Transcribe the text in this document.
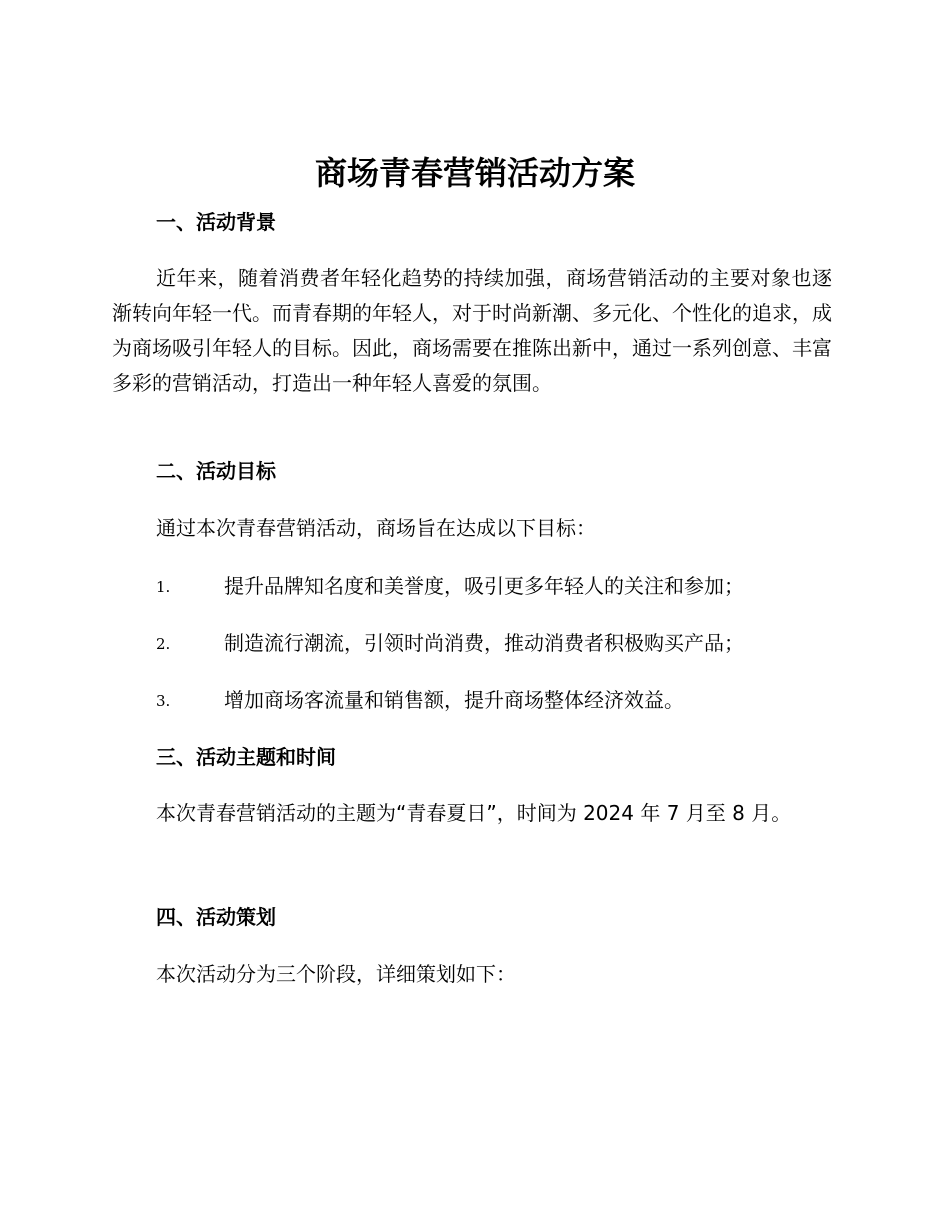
商场青春营销活动方案
一、活动背景

近年来，随着消费者年轻化趋势的持续加强，商场营销活动的主要对象也逐渐转向年轻一代。而青春期的年轻人，对于时尚新潮、多元化、个性化的追求，成为商场吸引年轻人的目标。因此，商场需要在推陈出新中，通过一系列创意、丰富多彩的营销活动，打造出一种年轻人喜爱的氛围。

二、活动目标

通过本次青春营销活动，商场旨在达成以下目标：

1.	提升品牌知名度和美誉度，吸引更多年轻人的关注和参加；
2.	制造流行潮流，引领时尚消费，推动消费者积极购买产品；
3.	增加商场客流量和销售额，提升商场整体经济效益。
三、活动主题和时间

本次青春营销活动的主题为“青春夏日”，时间为 2024 年 7 月至 8 月。

四、活动策划

本次活动分为三个阶段，详细策划如下：
